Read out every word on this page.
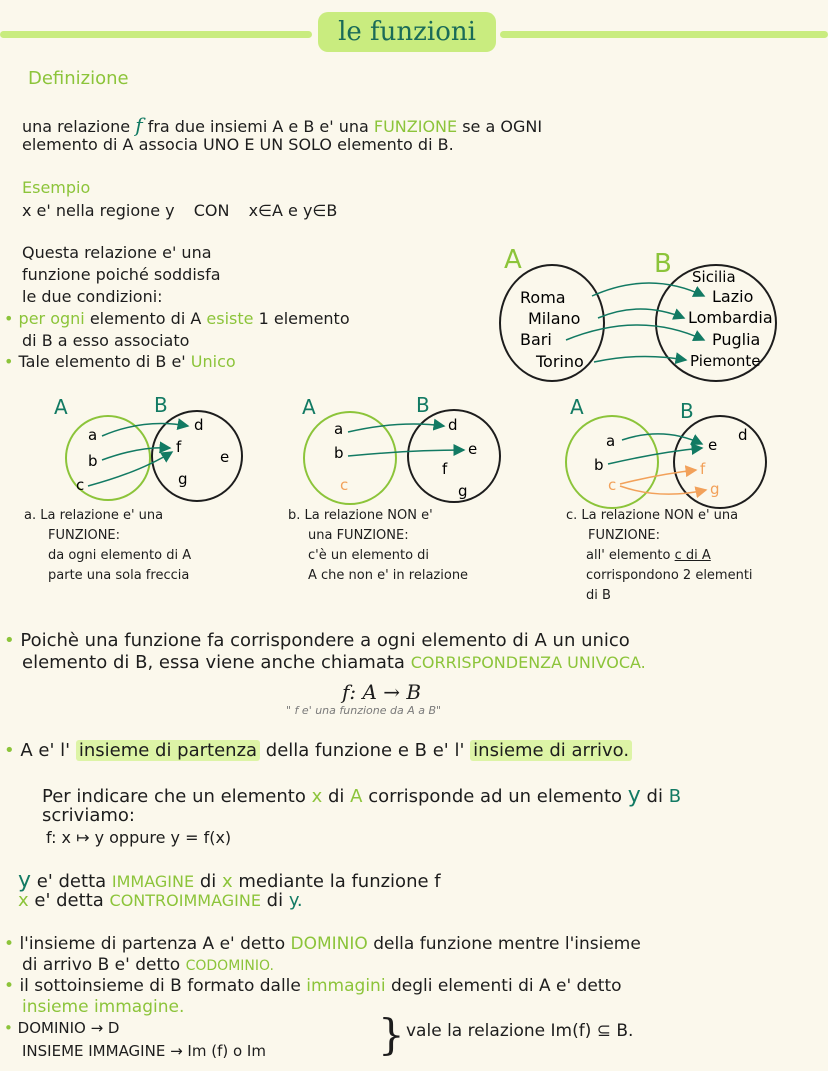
le funzioni
Definizione
una relazione f fra due insiemi A e B e' una FUNZIONE se a OGNI
elemento di A associa UNO E UN SOLO elemento di B.
Esempio
x e' nella regione y CON x∈A e y∈B
Questa relazione e' una
funzione poiché soddisfa
le due condizioni:
• per ogni elemento di A esiste 1 elemento
di B a esso associato
• Tale elemento di B e' Unico
A	B
Roma
Milano
Bari
Torino
Sicilia
Lazio
Lombardia
Puglia
Piemonte
A	B
a
b
c
d
f
e
g
a. La relazione e' una
FUNZIONE:
da ogni elemento di A
parte una sola freccia
A	B
a
b
c
d
e
f
g
b. La relazione NON e'
una FUNZIONE:
c'è un elemento di
A che non e' in relazione
A	B
a
b
c
e
d
f
g
c. La relazione NON e' una
FUNZIONE:
all' elemento c di A
corrispondono 2 elementi
di B
• Poichè una funzione fa corrispondere a ogni elemento di A un unico
elemento di B, essa viene anche chiamata CORRISPONDENZA UNIVOCA.
f: A → B
" f e' una funzione da A a B"
• A e' l' insieme di partenza della funzione e B e' l' insieme di arrivo.
Per indicare che un elemento x di A corrisponde ad un elemento y di B
scriviamo:
f: x ↦ y oppure y = f(x)
y e' detta IMMAGINE di x mediante la funzione f
x e' detta CONTROIMMAGINE di y.
• l'insieme di partenza A e' detto DOMINIO della funzione mentre l'insieme
di arrivo B e' detto CODOMINIO.
• il sottoinsieme di B formato dalle immagini degli elementi di A e' detto
insieme immagine.
• DOMINIO → D
INSIEME IMMAGINE → Im (f) o Im	} vale la relazione Im(f) ⊆ B.
